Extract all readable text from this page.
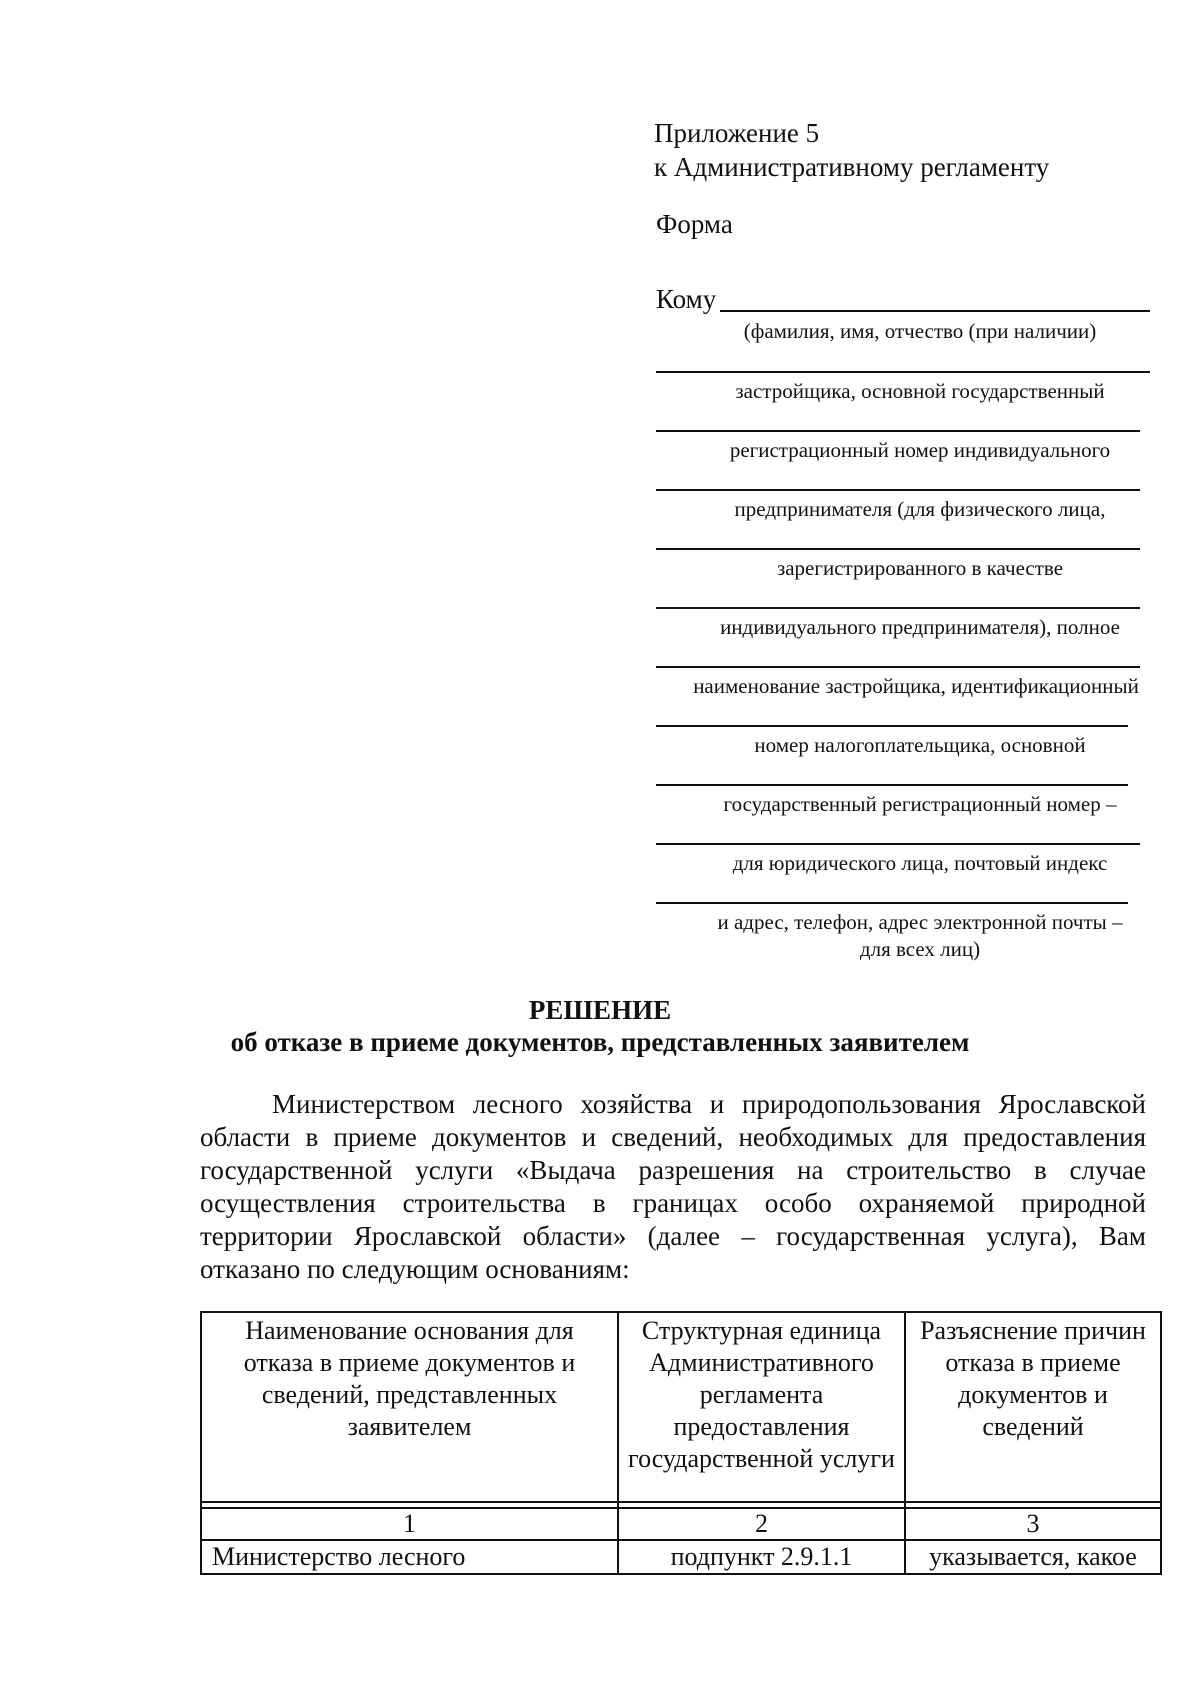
Приложение 5
к Административному регламенту
Форма
Кому
(фамилия, имя, отчество (при наличии)
застройщика, основной государственный
регистрационный номер индивидуального
предпринимателя (для физического лица,
зарегистрированного в качестве
индивидуального предпринимателя), полное
наименование застройщика, идентификационный
номер налогоплательщика, основной
государственный регистрационный номер –
для юридического лица, почтовый индекс
и адрес, телефон, адрес электронной почты –
для всех лиц)
РЕШЕНИЕ
об отказе в приеме документов, представленных заявителем

Министерством лесного хозяйства и природопользования Ярославской области в приеме документов и сведений, необходимых для предоставления государственной услуги «Выдача разрешения на строительство в случае осуществления строительства в границах особо охраняемой природной территории Ярославской области» (далее – государственная услуга), Вам отказано по следующим основаниям:

Наименование основания для отказа в приеме документов и сведений, представленных заявителем	Структурная единица Административного регламента предоставления государственной услуги	Разъяснение причин отказа в приеме документов и сведений

1	2	3
Министерство лесного	подпункт 2.9.1.1	указывается, какое
